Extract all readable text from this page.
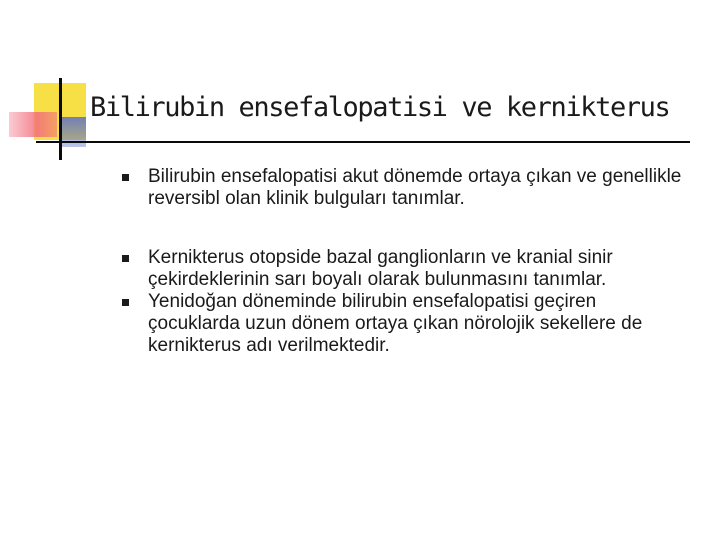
Bilirubin ensefalopatisi ve kernikterus
Bilirubin ensefalopatisi akut dönemde ortaya çıkan ve genellikle reversibl olan klinik bulguları tanımlar.
Kernikterus otopside bazal ganglionların ve kranial sinir çekirdeklerinin sarı boyalı olarak bulunmasını tanımlar.
Yenidoğan döneminde bilirubin ensefalopatisi geçiren çocuklarda uzun dönem ortaya çıkan nörolojik sekellere de kernikterus adı verilmektedir.
